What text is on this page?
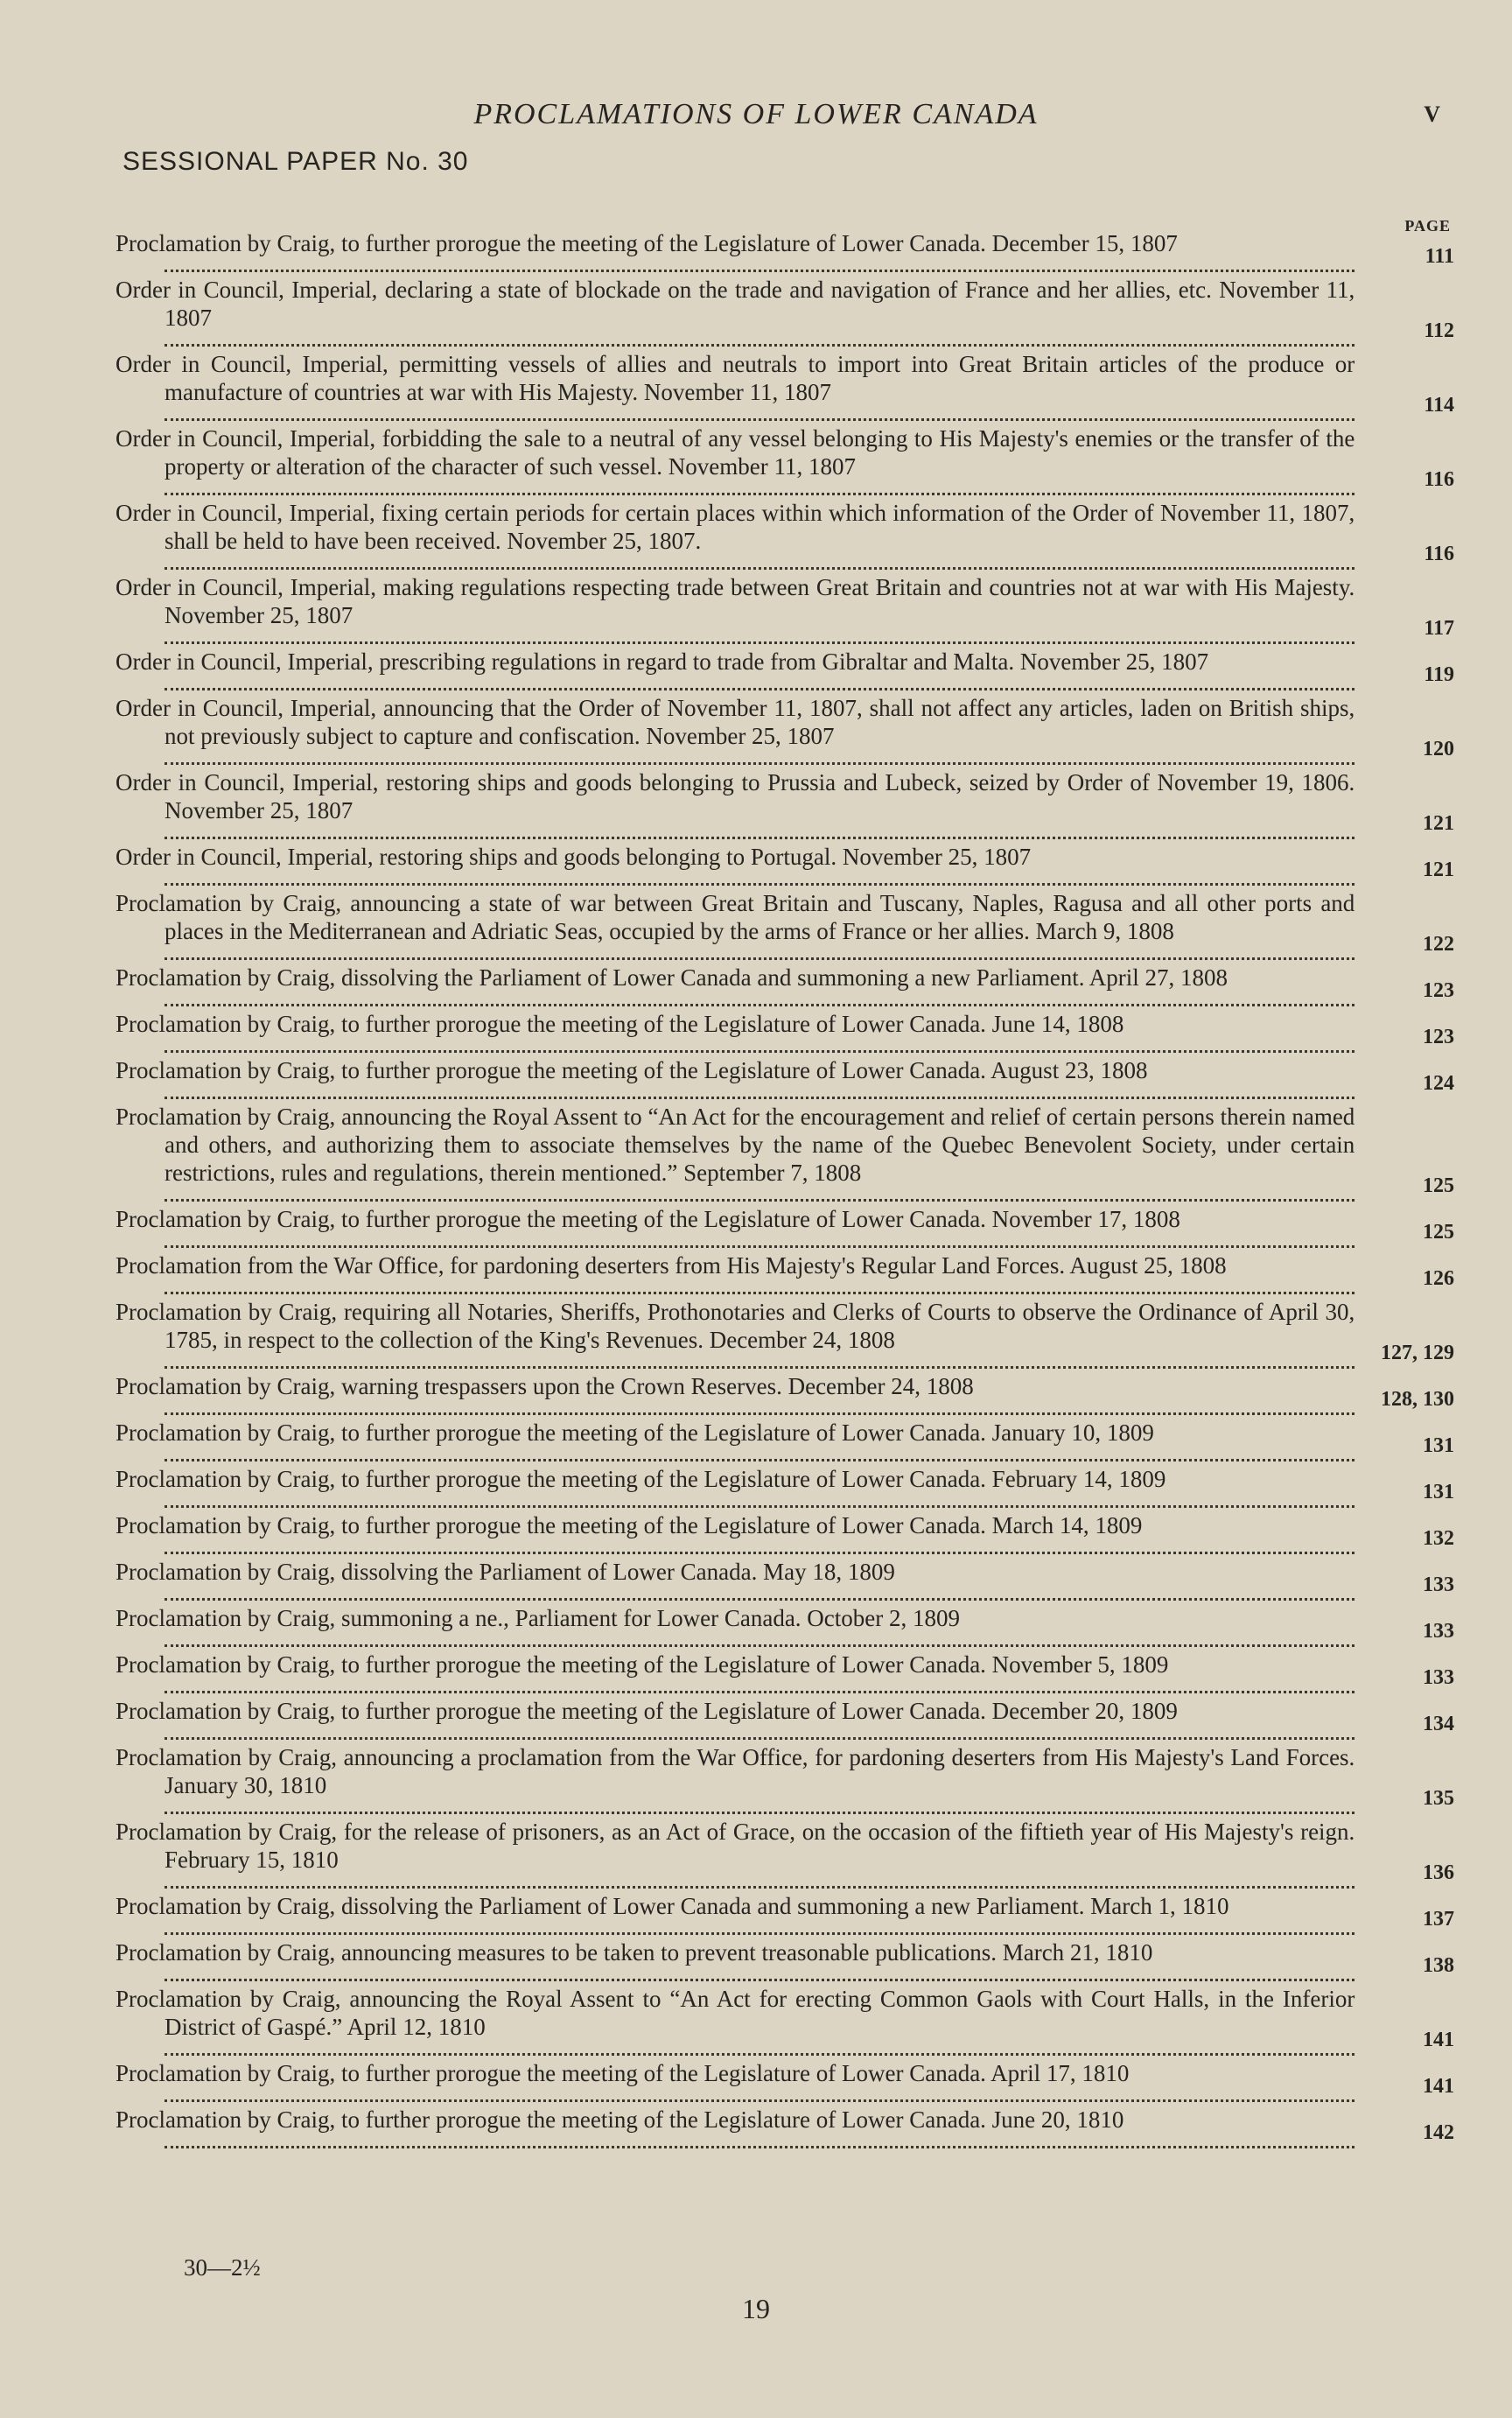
PROCLAMATIONS OF LOWER CANADA	V
SESSIONAL PAPER No. 30
PAGE
Proclamation by Craig, to further prorogue the meeting of the Legislature of Lower Canada. December 15, 1807	111
Order in Council, Imperial, declaring a state of blockade on the trade and navigation of France and her allies, etc. November 11, 1807	112
Order in Council, Imperial, permitting vessels of allies and neutrals to import into Great Britain articles of the produce or manufacture of countries at war with His Majesty. November 11, 1807	114
Order in Council, Imperial, forbidding the sale to a neutral of any vessel belonging to His Majesty's enemies or the transfer of the property or alteration of the character of such vessel. November 11, 1807	116
Order in Council, Imperial, fixing certain periods for certain places within which information of the Order of November 11, 1807, shall be held to have been received. November 25, 1807.	116
Order in Council, Imperial, making regulations respecting trade between Great Britain and countries not at war with His Majesty. November 25, 1807	117
Order in Council, Imperial, prescribing regulations in regard to trade from Gibraltar and Malta. November 25, 1807	119
Order in Council, Imperial, announcing that the Order of November 11, 1807, shall not affect any articles, laden on British ships, not previously subject to capture and confiscation. November 25, 1807	120
Order in Council, Imperial, restoring ships and goods belonging to Prussia and Lubeck, seized by Order of November 19, 1806. November 25, 1807	121
Order in Council, Imperial, restoring ships and goods belonging to Portugal. November 25, 1807	121
Proclamation by Craig, announcing a state of war between Great Britain and Tuscany, Naples, Ragusa and all other ports and places in the Mediterranean and Adriatic Seas, occupied by the arms of France or her allies. March 9, 1808	122
Proclamation by Craig, dissolving the Parliament of Lower Canada and summoning a new Parliament. April 27, 1808	123
Proclamation by Craig, to further prorogue the meeting of the Legislature of Lower Canada. June 14, 1808	123
Proclamation by Craig, to further prorogue the meeting of the Legislature of Lower Canada. August 23, 1808	124
Proclamation by Craig, announcing the Royal Assent to “An Act for the encouragement and relief of certain persons therein named and others, and authorizing them to associate themselves by the name of the Quebec Benevolent Society, under certain restrictions, rules and regulations, therein mentioned.” September 7, 1808	125
Proclamation by Craig, to further prorogue the meeting of the Legislature of Lower Canada. November 17, 1808	125
Proclamation from the War Office, for pardoning deserters from His Majesty's Regular Land Forces. August 25, 1808	126
Proclamation by Craig, requiring all Notaries, Sheriffs, Prothonotaries and Clerks of Courts to observe the Ordinance of April 30, 1785, in respect to the collection of the King's Revenues. December 24, 1808	127, 129
Proclamation by Craig, warning trespassers upon the Crown Reserves. December 24, 1808	128, 130
Proclamation by Craig, to further prorogue the meeting of the Legislature of Lower Canada. January 10, 1809	131
Proclamation by Craig, to further prorogue the meeting of the Legislature of Lower Canada. February 14, 1809	131
Proclamation by Craig, to further prorogue the meeting of the Legislature of Lower Canada. March 14, 1809	132
Proclamation by Craig, dissolving the Parliament of Lower Canada. May 18, 1809	133
Proclamation by Craig, summoning a ne., Parliament for Lower Canada. October 2, 1809	133
Proclamation by Craig, to further prorogue the meeting of the Legislature of Lower Canada. November 5, 1809	133
Proclamation by Craig, to further prorogue the meeting of the Legislature of Lower Canada. December 20, 1809	134
Proclamation by Craig, announcing a proclamation from the War Office, for pardoning deserters from His Majesty's Land Forces. January 30, 1810	135
Proclamation by Craig, for the release of prisoners, as an Act of Grace, on the occasion of the fiftieth year of His Majesty's reign. February 15, 1810	136
Proclamation by Craig, dissolving the Parliament of Lower Canada and summoning a new Parliament. March 1, 1810	137
Proclamation by Craig, announcing measures to be taken to prevent treasonable publications. March 21, 1810	138
Proclamation by Craig, announcing the Royal Assent to “An Act for erecting Common Gaols with Court Halls, in the Inferior District of Gaspé.” April 12, 1810	141
Proclamation by Craig, to further prorogue the meeting of the Legislature of Lower Canada. April 17, 1810	141
Proclamation by Craig, to further prorogue the meeting of the Legislature of Lower Canada. June 20, 1810	142
30—2½
19
